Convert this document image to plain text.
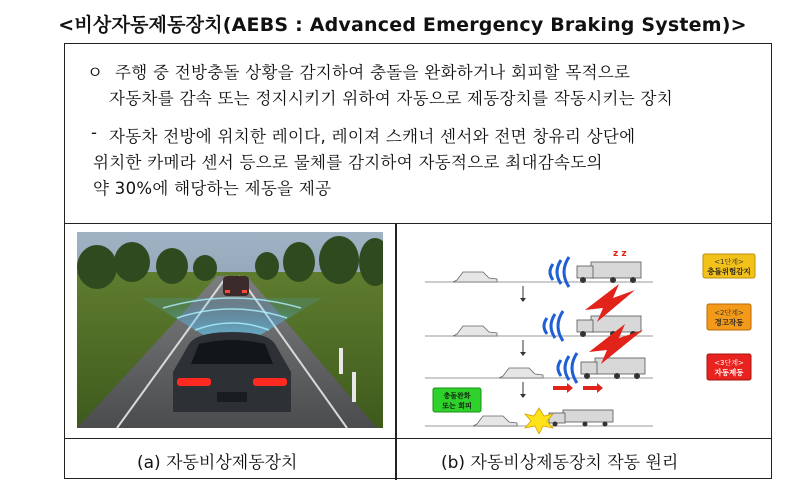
<비상자동제동장치(AEBS : Advanced Emergency Braking System)>
ㅇ 주행 중 전방충돌 상황을 감지하여 충돌을 완화하거나 회피할 목적으로
자동차를 감속 또는 정지시키기 위하여 자동으로 제동장치를 작동시키는 장치
- 자동차 전방에 위치한 레이다, 레이져 스캐너 센서와 전면 창유리 상단에
위치한 카메라 센서 등으로 물체를 감지하여 자동적으로 최대감속도의
약 30%에 해당하는 제동을 제공
z z
<1단계>
충돌위험감지
<2단계>
경고작동
<3단계>
자동제동
충돌완화
또는 회피
(a) 자동비상제동장치	(b) 자동비상제동장치 작동 원리
